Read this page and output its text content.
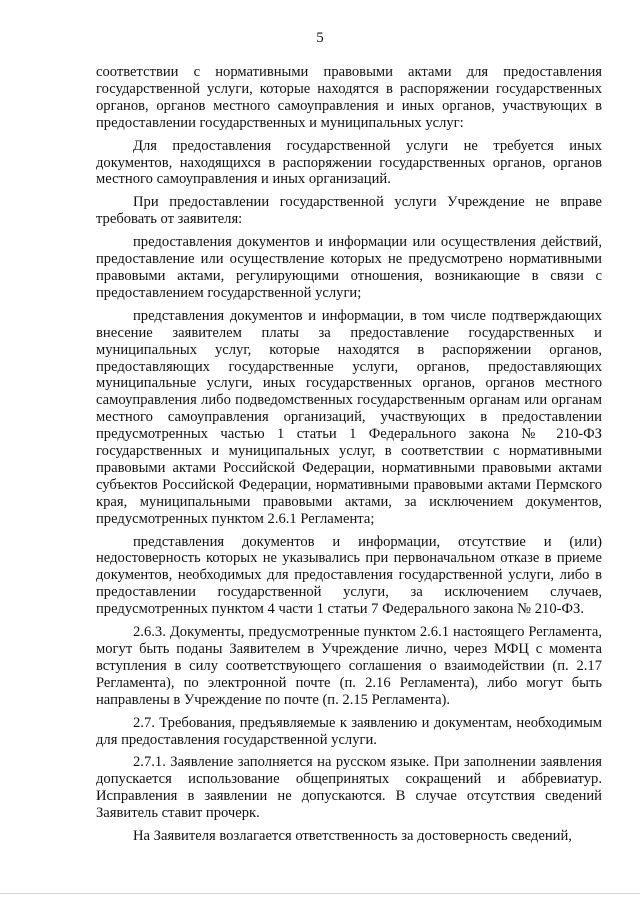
5

соответствии с нормативными правовыми актами для предоставления государственной услуги, которые находятся в распоряжении государственных органов, органов местного самоуправления и иных органов, участвующих в предоставлении государственных и муниципальных услуг:

Для предоставления государственной услуги не требуется иных документов, находящихся в распоряжении государственных органов, органов местного самоуправления и иных организаций.

При предоставлении государственной услуги Учреждение не вправе требовать от заявителя:

предоставления документов и информации или осуществления действий, предоставление или осуществление которых не предусмотрено нормативными правовыми актами, регулирующими отношения, возникающие в связи с предоставлением государственной услуги;

представления документов и информации, в том числе подтверждающих внесение заявителем платы за предоставление государственных и муниципальных услуг, которые находятся в распоряжении органов, предоставляющих государственные услуги, органов, предоставляющих муниципальные услуги, иных государственных органов, органов местного самоуправления либо подведомственных государственным органам или органам местного самоуправления организаций, участвующих в предоставлении предусмотренных частью 1 статьи 1 Федерального закона № 210-ФЗ государственных и муниципальных услуг, в соответствии с нормативными правовыми актами Российской Федерации, нормативными правовыми актами субъектов Российской Федерации, нормативными правовыми актами Пермского края, муниципальными правовыми актами, за исключением документов, предусмотренных пунктом 2.6.1 Регламента;

представления документов и информации, отсутствие и (или) недостоверность которых не указывались при первоначальном отказе в приеме документов, необходимых для предоставления государственной услуги, либо в предоставлении государственной услуги, за исключением случаев, предусмотренных пунктом 4 части 1 статьи 7 Федерального закона № 210-ФЗ.

2.6.3. Документы, предусмотренные пунктом 2.6.1 настоящего Регламента, могут быть поданы Заявителем в Учреждение лично, через МФЦ с момента вступления в силу соответствующего соглашения о взаимодействии (п. 2.17 Регламента), по электронной почте (п. 2.16 Регламента), либо могут быть направлены в Учреждение по почте (п. 2.15 Регламента).

2.7. Требования, предъявляемые к заявлению и документам, необходимым для предоставления государственной услуги.

2.7.1. Заявление заполняется на русском языке. При заполнении заявления допускается использование общепринятых сокращений и аббревиатур. Исправления в заявлении не допускаются. В случае отсутствия сведений Заявитель ставит прочерк.

На Заявителя возлагается ответственность за достоверность сведений,
